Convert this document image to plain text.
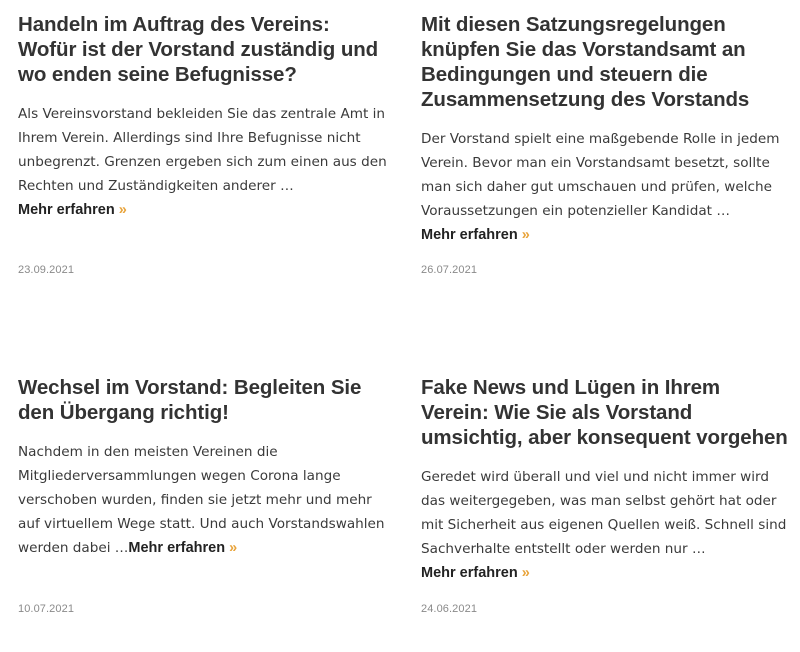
Handeln im Auftrag des Vereins: Wofür ist der Vorstand zuständig und wo enden seine Befugnisse?

Als Vereinsvorstand bekleiden Sie das zentrale Amt in Ihrem Verein. Allerdings sind Ihre Befugnisse nicht unbegrenzt. Grenzen ergeben sich zum einen aus den Rechten und Zuständigkeiten anderer …
Mehr erfahren »

23.09.2021
Mit diesen Satzungsregelungen knüpfen Sie das Vorstandsamt an Bedingungen und steuern die Zusammensetzung des Vorstands

Der Vorstand spielt eine maßgebende Rolle in jedem Verein. Bevor man ein Vorstandsamt besetzt, sollte man sich daher gut umschauen und prüfen, welche Voraussetzungen ein potenzieller Kandidat …Mehr erfahren »

26.07.2021
Wechsel im Vorstand: Begleiten Sie den Übergang richtig!

Nachdem in den meisten Vereinen die Mitgliederversammlungen wegen Corona lange verschoben wurden, finden sie jetzt mehr und mehr auf virtuellem Wege statt. Und auch Vorstandswahlen werden dabei …Mehr erfahren »

10.07.2021
Fake News und Lügen in Ihrem Verein: Wie Sie als Vorstand umsichtig, aber konsequent vorgehen

Geredet wird überall und viel und nicht immer wird das weitergegeben, was man selbst gehört hat oder mit Sicherheit aus eigenen Quellen weiß. Schnell sind Sachverhalte entstellt oder werden nur … Mehr erfahren »

24.06.2021
